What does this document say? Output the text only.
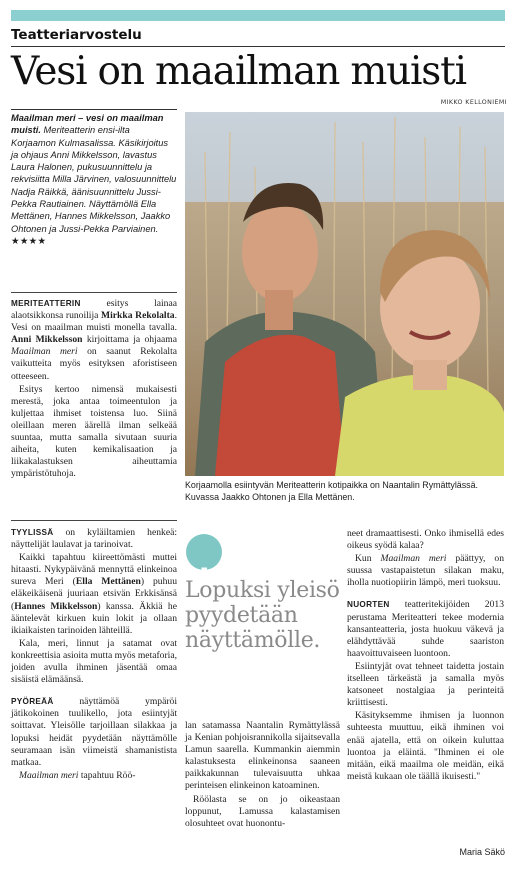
Teatteriarvostelu
Vesi on maailman muisti
MIKKO KELLONIEMI
Maailman meri – vesi on maailman muisti. Meriteatterin ensi-ilta Korjaamon Kulmasalissa. Käsikirjoitus ja ohjaus Anni Mikkelsson, lavastus Laura Halonen, pukusuunnittelu ja rekvisiitta Milla Järvinen, valosuunnittelu Nadja Räikkä, äänisuunnittelu Jussi-Pekka Rautiainen. Näyttämöllä Ella Mettänen, Hannes Mikkelsson, Jaakko Ohtonen ja Jussi-Pekka Parviainen. ★★★★

MERITEATTERIN esitys lainaa alaotsikkonsa runoilija Mirkka Rekolalta. Vesi on maailman muisti monella tavalla. Anni Mikkelsson kirjoittama ja ohjaama Maailman meri on saanut Rekolalta vaikutteita myös esityksen aforistiseen otteeseen.

Esitys kertoo nimensä mukaisesti merestä, joka antaa toimeentulon ja kuljettaa ihmiset toistensa luo. Siinä oleillaan meren äärellä ilman selkeää suuntaa, mutta samalla sivutaan suuria aiheita, kuten kemikalisaation ja liikakalastuksen aiheuttamia ympäristötuhoja.

TYYLISSÄ on kyläiltamien henkeä: näyttelijät laulavat ja tarinoivat.

Kaikki tapahtuu kiireettömästi muttei hitaasti. Nykypäivänä mennyttä elinkeinoa sureva Meri (Ella Mettänen) puhuu eläkeikäisenä juuriaan etsivän Erkkisänsä (Hannes Mikkelsson) kanssa. Äkkiä he ääntelevät kirkuen kuin lokit ja ollaan ikiaikaisten tarinoiden lähteillä.

Kala, meri, linnut ja satamat ovat konkreettisia asioita mutta myös metaforia, joiden avulla ihminen jäsentää omaa sisäistä elämäänsä.

PYÖREÄÄ näyttämöä ympäröi jätikokoinen tuulikello, jota esiintyjät soittavat. Yleisölle tarjoillaan silakkaa ja lopuksi heidät pyydetään näyttämölle seuramaan isän viimeistä shamanistista matkaa.

Maailman meri tapahtuu Röö-

Korjaamolla esiintyvän Meriteatterin kotipaikka on Naantalin Rymättylässä. Kuvassa Jaakko Ohtonen ja Ella Mettänen.
,
Lopuksi yleisö pyydetään näyttämölle.

lan satamassa Naantalin Rymättylässä ja Kenian pohjoisrannikolla sijaitsevalla Lamun saarella. Kummankin aiemmin kalastuksesta elinkeinonsa saaneen paikkakunnan tulevaisuutta uhkaa perinteisen elinkeinon katoaminen.

Röölasta se on jo oikeastaan loppunut, Lamussa kalastamisen olosuhteet ovat huonontu-

neet dramaattisesti. Onko ihmisellä edes oikeus syödä kalaa?

Kun Maailman meri päättyy, on suussa vastapaistetun silakan maku, iholla nuotiopiirin lämpö, meri tuoksuu.

NUORTEN teatteritekijöiden 2013 perustama Meriteatteri tekee modernia kansanteatteria, josta huokuu väkevä ja elähdyttävää suhde saariston haavoittuvaiseen luontoon.

Esiintyjät ovat tehneet taidetta jostain itselleen tärkeästä ja samalla myös katsoneet nostalgiaa ja perinteitä kriittisesti.

Käsityksemme ihmisen ja luonnon suhteesta muuttuu, eikä ihminen voi enää ajatella, että on oikein kuluttaa luontoa ja eläintä. "Ihminen ei ole mitään, eikä maailma ole meidän, eikä meistä kukaan ole täällä ikuisesti."

Maria Säkö
